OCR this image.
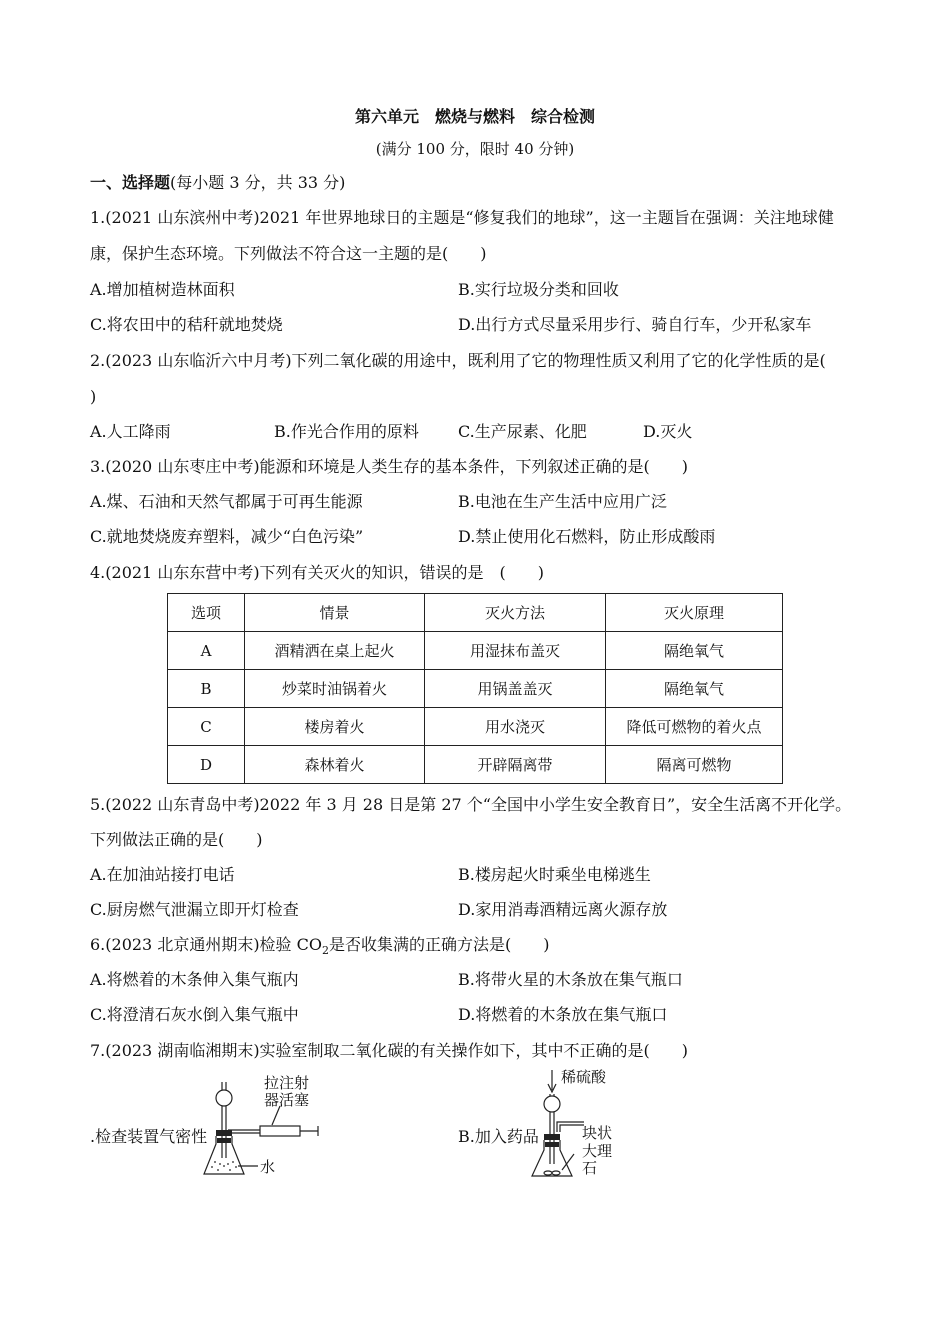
第六单元　燃烧与燃料　综合检测
(满分 100 分，限时 40 分钟)
一、选择题(每小题 3 分，共 33 分)
1.(2021 山东滨州中考)2021 年世界地球日的主题是“修复我们的地球”，这一主题旨在强调：关注地球健
康，保护生态环境。下列做法不符合这一主题的是(　　)
A.增加植树造林面积	B.实行垃圾分类和回收
C.将农田中的秸秆就地焚烧	D.出行方式尽量采用步行、骑自行车，少开私家车
2.(2023 山东临沂六中月考)下列二氧化碳的用途中，既利用了它的物理性质又利用了它的化学性质的是(
)
A.人工降雨	B.作光合作用的原料 C.生产尿素、化肥	D.灭火
3.(2020 山东枣庄中考)能源和环境是人类生存的基本条件，下列叙述正确的是(　　)
A.煤、石油和天然气都属于可再生能源	B.电池在生产生活中应用广泛
C.就地焚烧废弃塑料，减少“白色污染”	D.禁止使用化石燃料，防止形成酸雨
4.(2021 山东东营中考)下列有关灭火的知识，错误的是　(　　)
选项	情景	灭火方法	灭火原理
A	酒精洒在桌上起火	用湿抹布盖灭	隔绝氧气
B	炒菜时油锅着火	用锅盖盖灭	隔绝氧气
C	楼房着火	用水浇灭	降低可燃物的着火点
D	森林着火	开辟隔离带	隔离可燃物
5.(2022 山东青岛中考)2022 年 3 月 28 日是第 27 个“全国中小学生安全教育日”，安全生活离不开化学。
下列做法正确的是(　　)
A.在加油站接打电话	B.楼房起火时乘坐电梯逃生
C.厨房燃气泄漏立即开灯检查	D.家用消毒酒精远离火源存放
6.(2023 北京通州期末)检验 $CO_2$是否收集满的正确方法是(　　)
A.将燃着的木条伸入集气瓶内	B.将带火星的木条放在集气瓶口
C.将澄清石灰水倒入集气瓶中	D.将燃着的木条放在集气瓶口
7.(2023 湖南临湘期末)实验室制取二氧化碳的有关操作如下，其中不正确的是(　　)
.检查装置气密性	B.加入药品
拉注射
器活塞
水
稀硫酸
块状
大理
石
